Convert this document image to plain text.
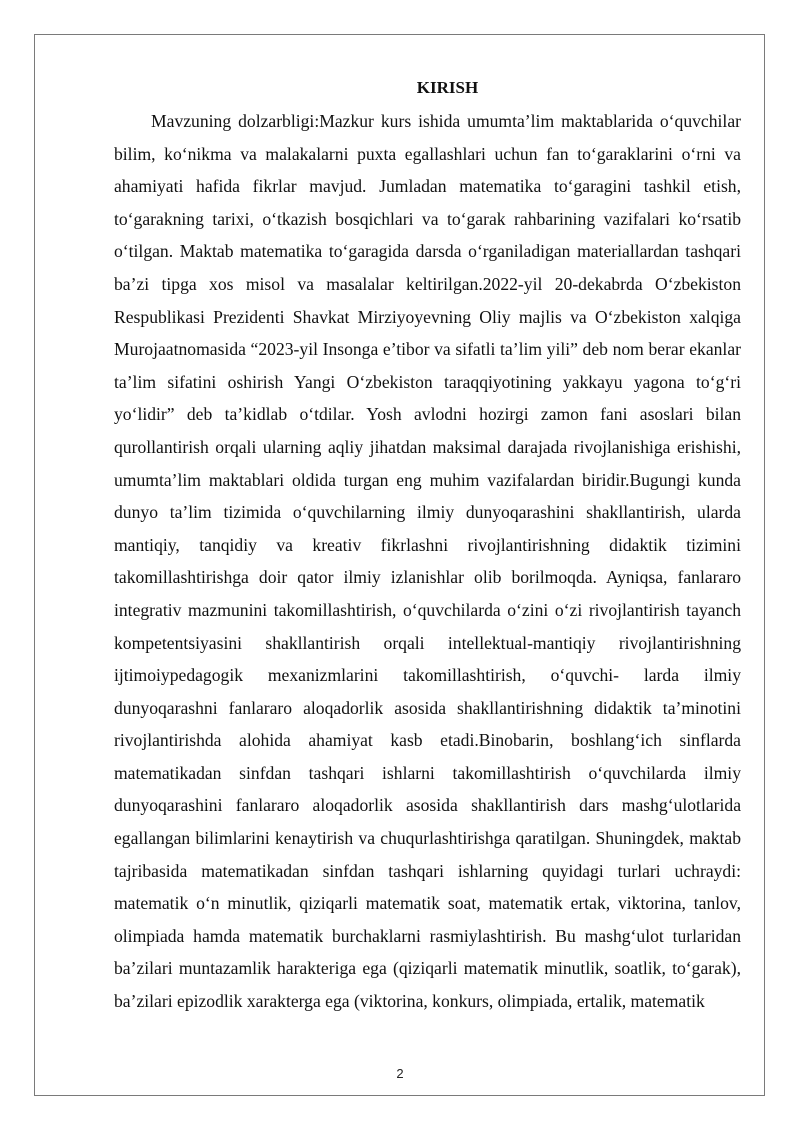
KIRISH

Mavzuning dolzarbligi:Mazkur kurs ishida umumta’lim maktablarida o‘quvchilar bilim, ko‘nikma va malakalarni puxta egallashlari uchun fan to‘garaklarini o‘rni va ahamiyati hafida fikrlar mavjud. Jumladan matematika to‘garagini tashkil etish, to‘garakning tarixi, o‘tkazish bosqichlari va to‘garak rahbarining vazifalari ko‘rsatib o‘tilgan. Maktab matematika to‘garagida darsda o‘rganiladigan materiallardan tashqari ba’zi tipga xos misol va masalalar keltirilgan.2022-yil 20-dekabrda O‘zbekiston Respublikasi Prezidenti Shavkat Mirziyoyevning Oliy majlis va O‘zbekiston xalqiga Murojaatnomasida “2023-yil Insonga e’tibor va sifatli ta’lim yili” deb nom berar ekanlar ta’lim sifatini oshirish Yangi O‘zbekiston taraqqiyotining yakkayu yagona to‘g‘ri yo‘lidir” deb ta’kidlab o‘tdilar. Yosh avlodni hozirgi zamon fani asoslari bilan qurollantirish orqali ularning aqliy jihatdan maksimal darajada rivojlanishiga erishishi, umumta’lim maktablari oldida turgan eng muhim vazifalardan biridir.Bugungi kunda dunyo ta’lim tizimida o‘quvchilarning ilmiy dunyoqarashini shakllantirish, ularda mantiqiy, tanqidiy va kreativ fikrlashni rivojlantirishning didaktik tizimini takomillashtirishga doir qator ilmiy izlanishlar olib borilmoqda. Ayniqsa, fanlararo integrativ mazmunini takomillashtirish, o‘quvchilarda o‘zini o‘zi rivojlantirish tayanch kompetentsiyasini shakllantirish orqali intellektual-mantiqiy rivojlantirishning ijtimoiypedagogik mexanizmlarini takomillashtirish, o‘quvchi- larda ilmiy dunyoqarashni fanlararo aloqadorlik asosida shakllantirishning didaktik ta’minotini rivojlantirishda alohida ahamiyat kasb etadi.Binobarin, boshlang‘ich sinflarda matematikadan sinfdan tashqari ishlarni takomillashtirish o‘quvchilarda ilmiy dunyoqarashini fanlararo aloqadorlik asosida shakllantirish dars mashg‘ulotlarida egallangan bilimlarini kenaytirish va chuqurlashtirishga qaratilgan. Shuningdek, maktab tajribasida matematikadan sinfdan tashqari ishlarning quyidagi turlari uchraydi: matematik o‘n minutlik, qiziqarli matematik soat, matematik ertak, viktorina, tanlov, olimpiada hamda matematik burchaklarni rasmiylashtirish. Bu mashg‘ulot turlaridan ba’zilari muntazamlik harakteriga ega (qiziqarli matematik minutlik, soatlik, to‘garak), ba’zilari epizodlik xarakterga ega (viktorina, konkurs, olimpiada, ertalik, matematik

2
